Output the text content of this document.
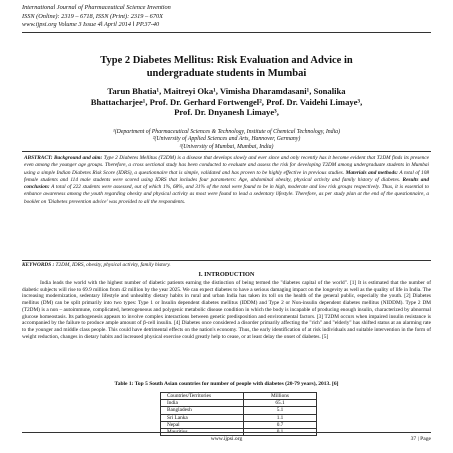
International Journal of Pharmaceutical Science Invention
ISSN (Online): 2319 – 6718, ISSN (Print): 2319 – 670X
www.ijpsi.org Volume 3 Issue 4‖ April 2014 ‖ PP.37-40
Type 2 Diabetes Mellitus: Risk Evaluation and Advice in
undergraduate students in Mumbai
Tarun Bhatia¹, Maitreyi Oka¹, Vimisha Dharamdasani¹, Sonalika
Bhattacharjee¹, Prof. Dr. Gerhard Fortwengel², Prof. Dr. Vaidehi Limaye³,
Prof. Dr. Dnyanesh Limaye³,
¹(Department of Pharmaceutical Sciences & Technology, Institute of Chemical Technology, India)
²(University of Applied Sciences and Arts, Hannover, Germany)
³(University of Mumbai, Mumbai, India)
ABSTRACT: Background and aim: Type 2 Diabetes Mellitus (T2DM) is a disease that develops slowly and ever since and only recently has it become evident that T2DM finds its presence even among the younger age groups. Therefore, a cross sectional study has been conducted to evaluate and assess the risk for developing T2DM among undergraduate students in Mumbai using a simple Indian Diabetes Risk Score (IDRS), a questionnaire that is simple, validated and has proven to be highly effective in previous studies. Materials and methods: A total of 108 female students and 114 male students were scored using IDRS that includes four parameters: Age, abdominal obesity, physical activity and family history of diabetes. Results and conclusion: A total of 222 students were assessed, out of which 1%, 68%, and 31% of the total were found to be in high, moderate and low risk groups respectively. Thus, it is essential to enhance awareness among the youth regarding obesity and physical activity as most were found to lead a sedentary lifestyle. Therefore, as per study plan at the end of the questionnaire, a booklet on 'Diabetes prevention advice' was provided to all the respondents.
KEYWORDS : T2DM, IDRS, obesity, physical activity, family history.
I. INTRODUCTION

India leads the world with the highest number of diabetic patients earning the distinction of being termed the "diabetes capital of the world". [1] It is estimated that the number of diabetic subjects will rise to 69.9 million from 42 million by the year 2025. We can expect diabetes to have a serious damaging impact on the longevity as well as the quality of life in India. The increasing modernization, sedentary lifestyle and unhealthy dietary habits in rural and urban India has taken its toll on the health of the general public, especially the youth. [2] Diabetes mellitus (DM) can be split primarily into two types: Type 1 or Insulin dependent diabetes mellitus (IDDM) and Type 2 or Non-insulin dependent diabetes mellitus (NIDDM). Type 2 DM (T2DM) is a non – autoimmune, complicated, heterogeneous and polygenic metabolic disease condition in which the body is incapable of producing enough insulin, characterized by abnormal glucose homeostasis. Its pathogenesis appears to involve complex interactions between genetic predisposition and environmental factors. [3] T2DM occurs when impaired insulin resistance is accompanied by the failure to produce ample amount of β-cell insulin. [4] Diabetes once considered a disorder primarily affecting the "rich" and "elderly" has shifted status at an alarming rate to the younger and middle class people. This could have detrimental effects on the nation's economy. Thus, the early identification of at risk individuals and suitable intervention in the form of weight reduction, changes in dietary habits and increased physical exercise could greatly help to cease, or at least delay the onset of diabetes. [5]

Table 1: Top 5 South Asian countries for number of people with diabetes (20-79 years), 2013. [6]
Countries/Territories	Millions
India	65.1
Bangladesh	5.1
Sri Lanka	1.1
Nepal	0.7
Mauritius	0.1
www.ijpsi.org	37 | Page
